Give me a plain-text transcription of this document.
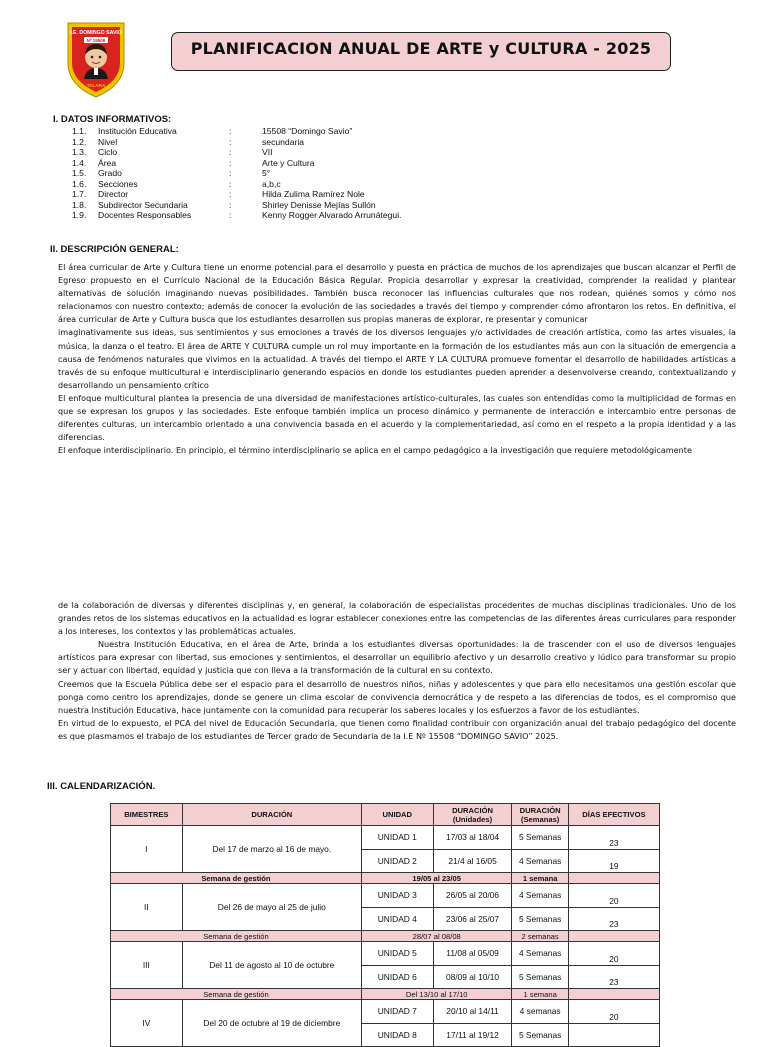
I.E. DOMINGO SAVIO
Nº 15508
TALARA
PLANIFICACION ANUAL DE ARTE y CULTURA - 2025
I. DATOS INFORMATIVOS:
1.1. Institución Educativa	:	15508 “Domingo Savio”
1.2. Nivel	:	secundaria
1.3. Ciclo	:	VII
1.4. Área	:	Arte y Cultura
1.5. Grado	:	5°
1.6. Secciones	:	a,b,c
1.7. Director	:	Hilda Zulima Ramírez Nole
1.8. Subdirector Secundaria	:	Shirley Denisse Mejías Sullón
1.9. Docentes Responsables	:	Kenny Rogger Alvarado Arrunátegui.
II. DESCRIPCIÓN GENERAL:

El área curricular de Arte y Cultura tiene un enorme potencial para el desarrollo y puesta en práctica de muchos de los aprendizajes que buscan alcanzar el Perfil de Egreso propuesto en el Currículo Nacional de la Educación Básica Regular. Propicia desarrollar y expresar la creatividad, comprender la realidad y plantear alternativas de solución imaginando nuevas posibilidades. También busca reconocer las influencias culturales que nos rodean, quiénes somos y cómo nos relacionamos con nuestro contexto; además de conocer la evolución de las sociedades a través del tiempo y comprender cómo afrontaron los retos. En definitiva, el área curricular de Arte y Cultura busca que los estudiantes desarrollen sus propias maneras de explorar, re presentar y comunicar

imaginativamente sus ideas, sus sentimientos y sus emociones a través de los diversos lenguajes y/o actividades de creación artística, como las artes visuales, la música, la danza o el teatro. El área de ARTE Y CULTURA cumple un rol muy importante en la formación de los estudiantes más aun con la situación de emergencia a causa de fenómenos naturales que vivimos en la actualidad. A través del tiempo el ARTE Y LA CULTURA promueve fomentar el desarrollo de habilidades artísticas a través de su enfoque multicultural e interdisciplinario generando espacios en donde los estudiantes pueden aprender a desenvolverse creando, contextualizando y desarrollando un pensamiento crítico

El enfoque multicultural plantea la presencia de una diversidad de manifestaciones artístico-culturales, las cuales son entendidas como la multiplicidad de formas en que se expresan los grupos y las sociedades. Este enfoque también implica un proceso dinámico y permanente de interacción e intercambio entre personas de diferentes culturas, un intercambio orientado a una convivencia basada en el acuerdo y la complementariedad, así como en el respeto a la propia identidad y a las diferencias.

El enfoque interdisciplinario. En principio, el término interdisciplinario se aplica en el campo pedagógico a la investigación que requiere metodológicamente

de la colaboración de diversas y diferentes disciplinas y, en general, la colaboración de especialistas procedentes de muchas disciplinas tradicionales. Uno de los grandes retos de los sistemas educativos en la actualidad es lograr establecer conexiones entre las competencias de las diferentes áreas curriculares para responder a los intereses, los contextos y las problemáticas actuales.

Nuestra Institución Educativa, en el área de Arte, brinda a los estudiantes diversas oportunidades: la de trascender con el uso de diversos lenguajes artísticos para expresar con libertad, sus emociones y sentimientos, el desarrollar un equilibrio afectivo y un desarrollo creativo y lúdico para transformar su propio ser y actuar con libertad, equidad y justicia que con lleva a la transformación de la cultural en su contexto.

Creemos que la Escuela Pública debe ser el espacio para el desarrollo de nuestros niños, niñas y adolescentes y que para ello necesitamos una gestión escolar que ponga como centro los aprendizajes, donde se genere un clima escolar de convivencia democrática y de respeto a las diferencias de todos, es el compromiso que nuestra Institución Educativa, hace juntamente con la comunidad para recuperar los saberes locales y los esfuerzos a favor de los estudiantes.

En virtud de lo expuesto, el PCA del nivel de Educación Secundaria, que tienen como finalidad contribuir con organización anual del trabajo pedagógico del docente es que plasmamos el trabajo de los estudiantes de Tercer grado de Secundaria de la I.E Nº 15508 “DOMINGO SAVIO” 2025.

III. CALENDARIZACIÓN.
BIMESTRES	DURACIÓN	UNIDAD	DURACIÓN (Unidades)	DURACIÓN (Semanas)	DÍAS EFECTIVOS
I	Del 17 de marzo al 16 de mayo.	UNIDAD 1	17/03 al 18/04	5 Semanas	23
		UNIDAD 2	21/4 al 16/05	4 Semanas	19
Semana de gestión		19/05 al 23/05		1 semana	
II	Del 26 de mayo al 25 de julio	UNIDAD 3	26/05 al 20/06	4 Semanas	20
		UNIDAD 4	23/06 al 25/07	5 Semanas	23
Semana de gestión		28/07 al 08/08		2 semanas	
III	Del 11 de agosto al 10 de octubre	UNIDAD 5	11/08 al 05/09	4 Semanas	20
		UNIDAD 6	08/09 al 10/10	5 Semanas	23
Semana de gestión		Del 13/10 al 17/10		1 semana	
IV	Del 20 de octubre al 19 de diciembre	UNIDAD 7	20/10 al 14/11	4 semanas	20
		UNIDAD 8	17/11 al 19/12	5 Semanas	
